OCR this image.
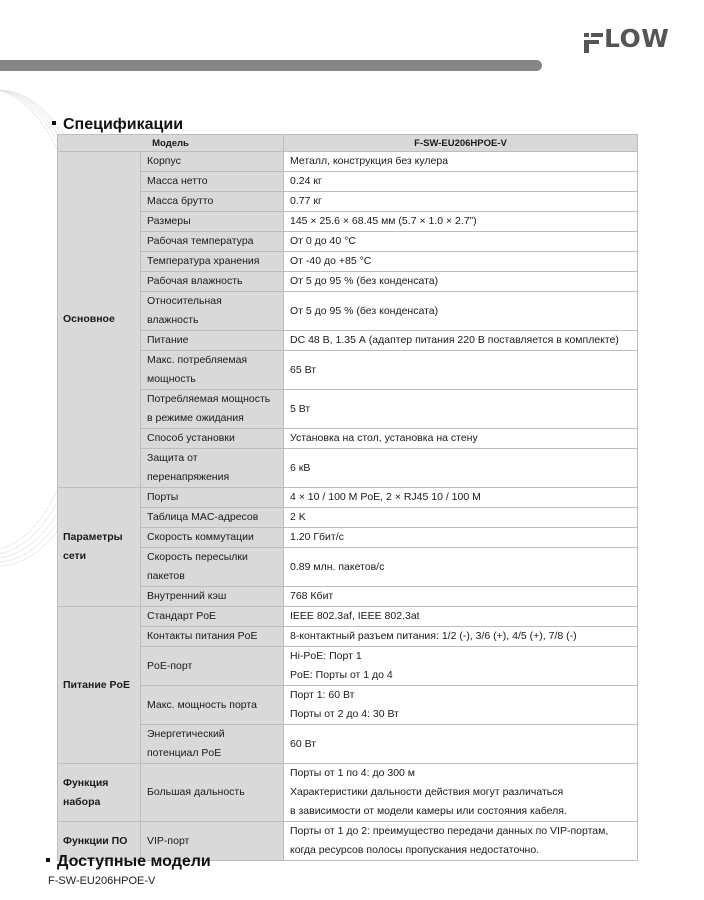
LOW
Спецификации
Модель		F-SW-EU206HPOE-V

Основное	Корпус	Металл, конструкция без кулера

	Масса нетто	0.24 кг

	Масса брутто	0.77 кг

	Размеры	145 × 25.6 × 68.45 мм (5.7 × 1.0 × 2.7”)

	Рабочая температура	От 0 до 40 °C

	Температура хранения	От -40 до +85 °C

	Рабочая влажность	От 5 до 95 % (без конденсата)

	Относительная
влажность	От 5 до 95 % (без конденсата)

	Питание	DC 48 В, 1.35 А (адаптер питания 220 В поставляется в комплекте)

	Макс. потребляемая
мощность	65 Вт

	Потребляемая мощность
в режиме ожидания	5 Вт

	Способ установки	Установка на стол, установка на стену

	Защита от
перенапряжения	6 кВ

Параметры
сети	Порты	4 × 10 / 100 M PoE, 2 × RJ45 10 / 100 M

	Таблица MAC-адресов	2 K

	Скорость коммутации	1.20 Гбит/с

	Скорость пересылки
пакетов	0.89 млн. пакетов/с

	Внутренний кэш	768 Кбит

Питание PoE	Стандарт PoE	IEEE 802.3af, IEEE 802.3at

	Контакты питания PoE	8-контактный разъем питания: 1/2 (-), 3/6 (+), 4/5 (+), 7/8 (-)

	PoE-порт	Hi-PoE: Порт 1
PoE: Порты от 1 до 4

	Макс. мощность порта	Порт 1: 60 Вт
Порты от 2 до 4: 30 Вт

	Энергетический
потенциал PoE	60 Вт

Функция
набора	Большая дальность	Порты от 1 по 4: до 300 м
Характеристики дальности действия могут различаться
в зависимости от модели камеры или состояния кабеля.

Функции ПО	VIP-порт	Порты от 1 до 2: преимущество передачи данных по VIP-портам,
когда ресурсов полосы пропускания недостаточно.
Доступные модели
F-SW-EU206HPOE-V
